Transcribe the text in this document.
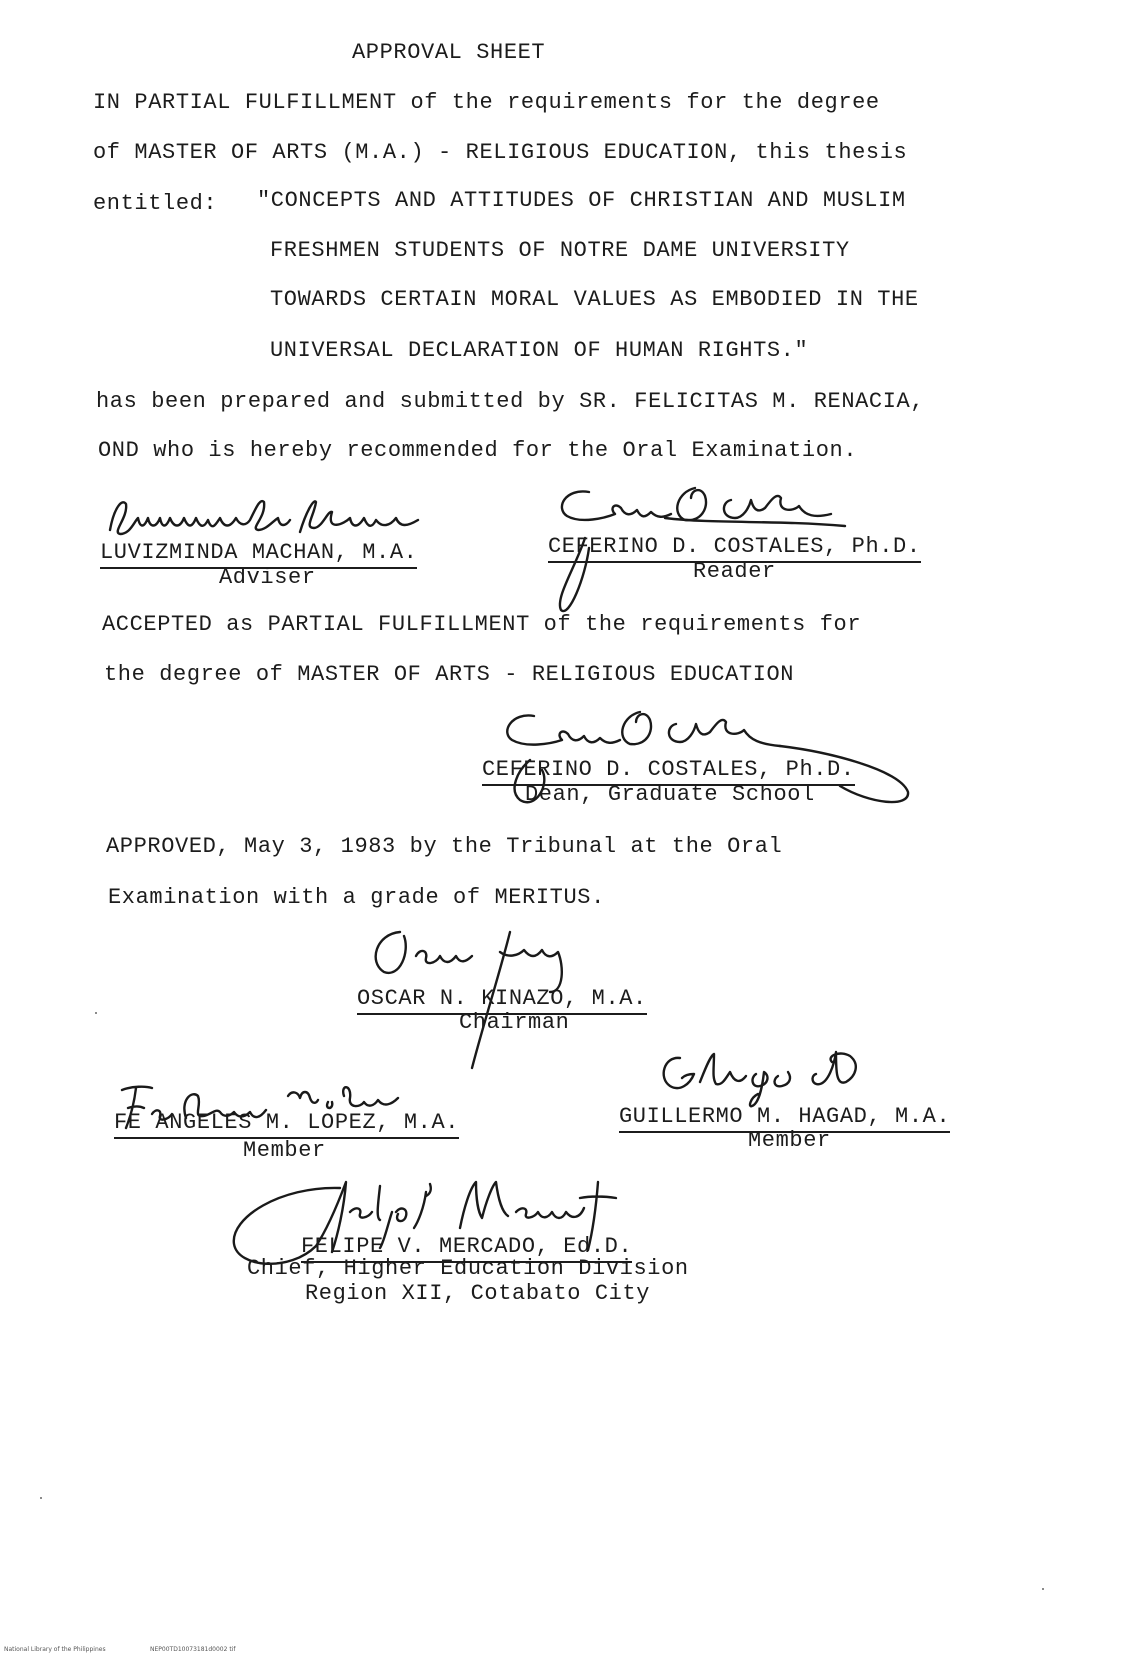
APPROVAL SHEET
IN PARTIAL FULFILLMENT of the requirements for the degree
of MASTER OF ARTS (M.A.) - RELIGIOUS EDUCATION, this thesis
entitled: "CONCEPTS AND ATTITUDES OF CHRISTIAN AND MUSLIM
FRESHMEN STUDENTS OF NOTRE DAME UNIVERSITY
TOWARDS CERTAIN MORAL VALUES AS EMBODIED IN THE
UNIVERSAL DECLARATION OF HUMAN RIGHTS."
has been prepared and submitted by SR. FELICITAS M. RENACIA,
OND who is hereby recommended for the Oral Examination.
LUVIZMINDA MACHAN, M.A.
Adviser
CEFERINO D. COSTALES, Ph.D.
Reader
ACCEPTED as PARTIAL FULFILLMENT of the requirements for
the degree of MASTER OF ARTS - RELIGIOUS EDUCATION
CEFERINO D. COSTALES, Ph.D.
Dean, Graduate School
APPROVED, May 3, 1983 by the Tribunal at the Oral
Examination with a grade of MERITUS.
OSCAR N. KINAZO, M.A.
Chairman
FE ANGELES M. LOPEZ, M.A.
Member
GUILLERMO M. HAGAD, M.A.
Member
FELIPE V. MERCADO, Ed.D.
Chief, Higher Education Division
Region XII, Cotabato City
National Library of the Philippines	NEP00TD10073181d0002 tif
